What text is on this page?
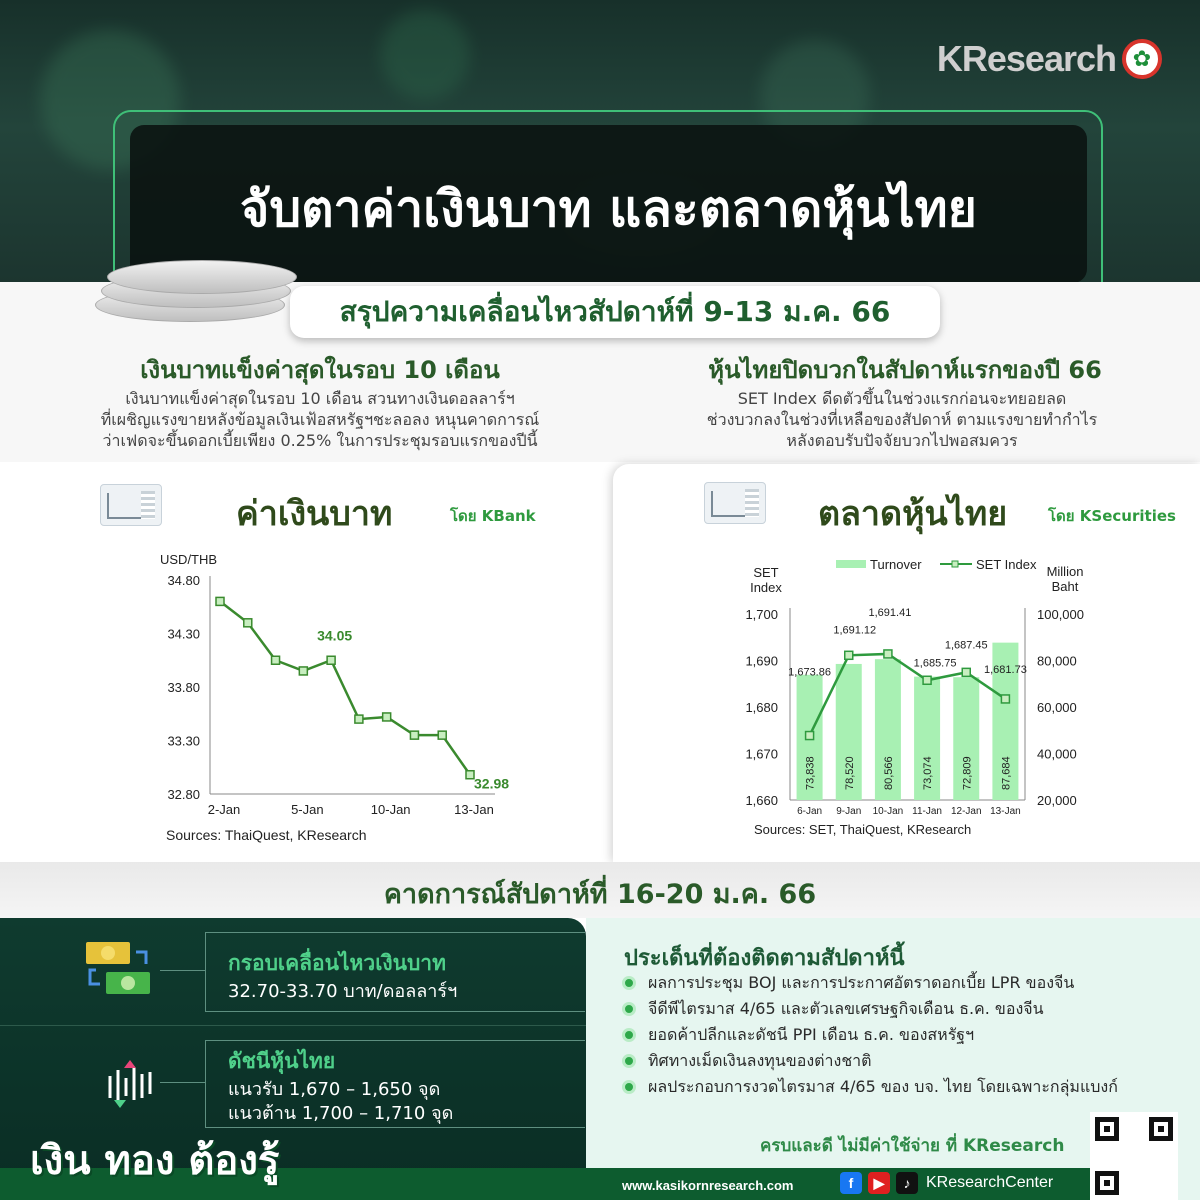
KResearch ✿
จับตาค่าเงินบาท และตลาดหุ้นไทย
สรุปความเคลื่อนไหวสัปดาห์ที่ 9-13 ม.ค. 66
เงินบาทแข็งค่าสุดในรอบ 10 เดือน
เงินบาทแข็งค่าสุดในรอบ 10 เดือน สวนทางเงินดอลลาร์ฯ
ที่เผชิญแรงขายหลังข้อมูลเงินเฟ้อสหรัฐฯชะลอลง หนุนคาดการณ์
ว่าเฟดจะขึ้นดอกเบี้ยเพียง 0.25% ในการประชุมรอบแรกของปีนี้
หุ้นไทยปิดบวกในสัปดาห์แรกของปี 66
SET Index ดีดตัวขึ้นในช่วงแรกก่อนจะทยอยลด
ช่วงบวกลงในช่วงที่เหลือของสัปดาห์ ตามแรงขายทำกำไร
หลังตอบรับปัจจัยบวกไปพอสมควร
ค่าเงินบาท	โดย KBank
USD/THB
34.80
34.30
33.80
33.30
32.80
2-Jan	5-Jan	10-Jan	13-Jan
34.05
32.98
Sources: ThaiQuest, KResearch
ตลาดหุ้นไทย	โดย KSecurities
Turnover	SET Index
SET
Index
Million
Baht
1,700
1,690
1,680
1,670
1,660
100,000
80,000
60,000
40,000
20,000
73,838 78,520 80,566 73,074 72,809 87,684
6-Jan 9-Jan 10-Jan 11-Jan 12-Jan 13-Jan
1,673.86
1,691.12
1,691.41
1,685.75
1,687.45
1,681.73
Sources: SET, ThaiQuest, KResearch
คาดการณ์สัปดาห์ที่ 16-20 ม.ค. 66
กรอบเคลื่อนไหวเงินบาท
32.70-33.70 บาท/ดอลลาร์ฯ
ดัชนีหุ้นไทย
แนวรับ 1,670 – 1,650 จุด
แนวต้าน 1,700 – 1,710 จุด
ประเด็นที่ต้องติดตามสัปดาห์นี้
ผลการประชุม BOJ และการประกาศอัตราดอกเบี้ย LPR ของจีน
จีดีพีไตรมาส 4/65 และตัวเลขเศรษฐกิจเดือน ธ.ค. ของจีน
ยอดค้าปลีกและดัชนี PPI เดือน ธ.ค. ของสหรัฐฯ
ทิศทางเม็ดเงินลงทุนของต่างชาติ
ผลประกอบการงวดไตรมาส 4/65 ของ บจ. ไทย โดยเฉพาะกลุ่มแบงก์
ครบและดี ไม่มีค่าใช้จ่าย ที่ KResearch
เงิน ทอง ต้องรู้
www.kasikornresearch.com	f	▶	♪ KResearchCenter
